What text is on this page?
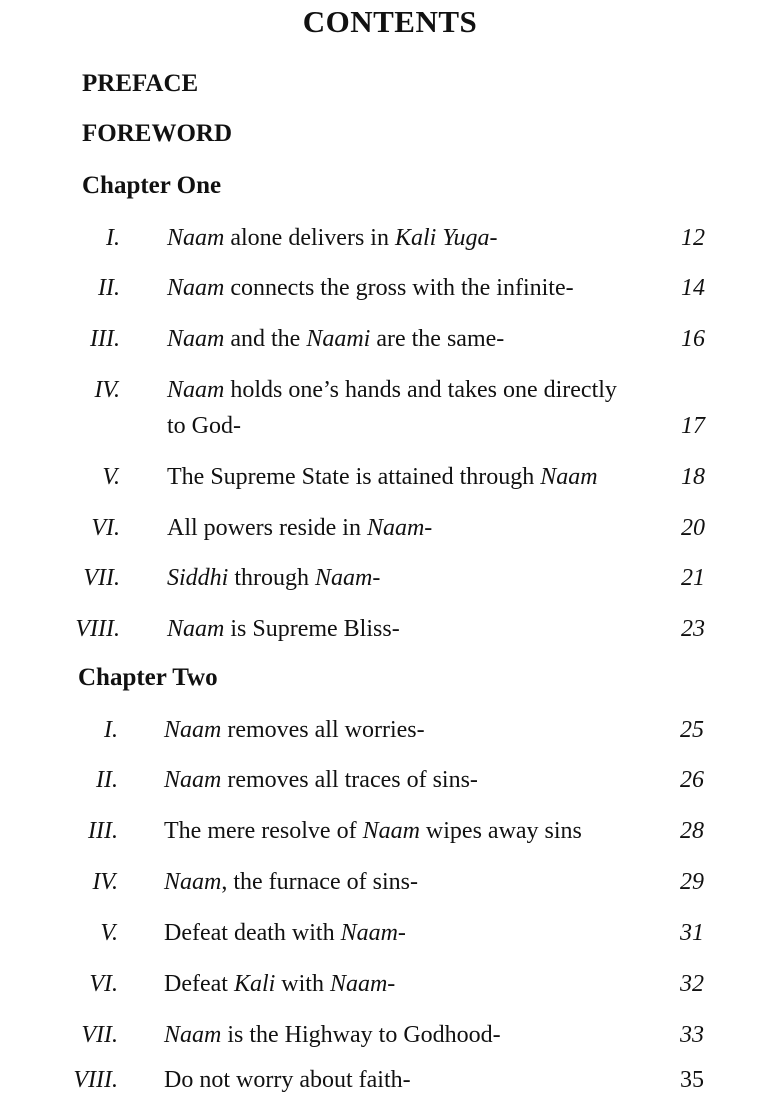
CONTENTS
PREFACE
FOREWORD
Chapter One
I. Naam alone delivers in Kali Yuga-	12
II. Naam connects the gross with the infinite-	14
III. Naam and the Naami are the same-	16
IV. Naam holds one’s hands and takes one directly
to God-	17
V. The Supreme State is attained through Naam	18
VI. All powers reside in Naam-	20
VII. Siddhi through Naam-	21
VIII. Naam is Supreme Bliss-	23
Chapter Two
I. Naam removes all worries-	25
II. Naam removes all traces of sins-	26
III. The mere resolve of Naam wipes away sins	28
IV. Naam, the furnace of sins-	29
V. Defeat death with Naam-	31
VI. Defeat Kali with Naam-	32
VII. Naam is the Highway to Godhood-	33
VIII. Do not worry about faith-	35
